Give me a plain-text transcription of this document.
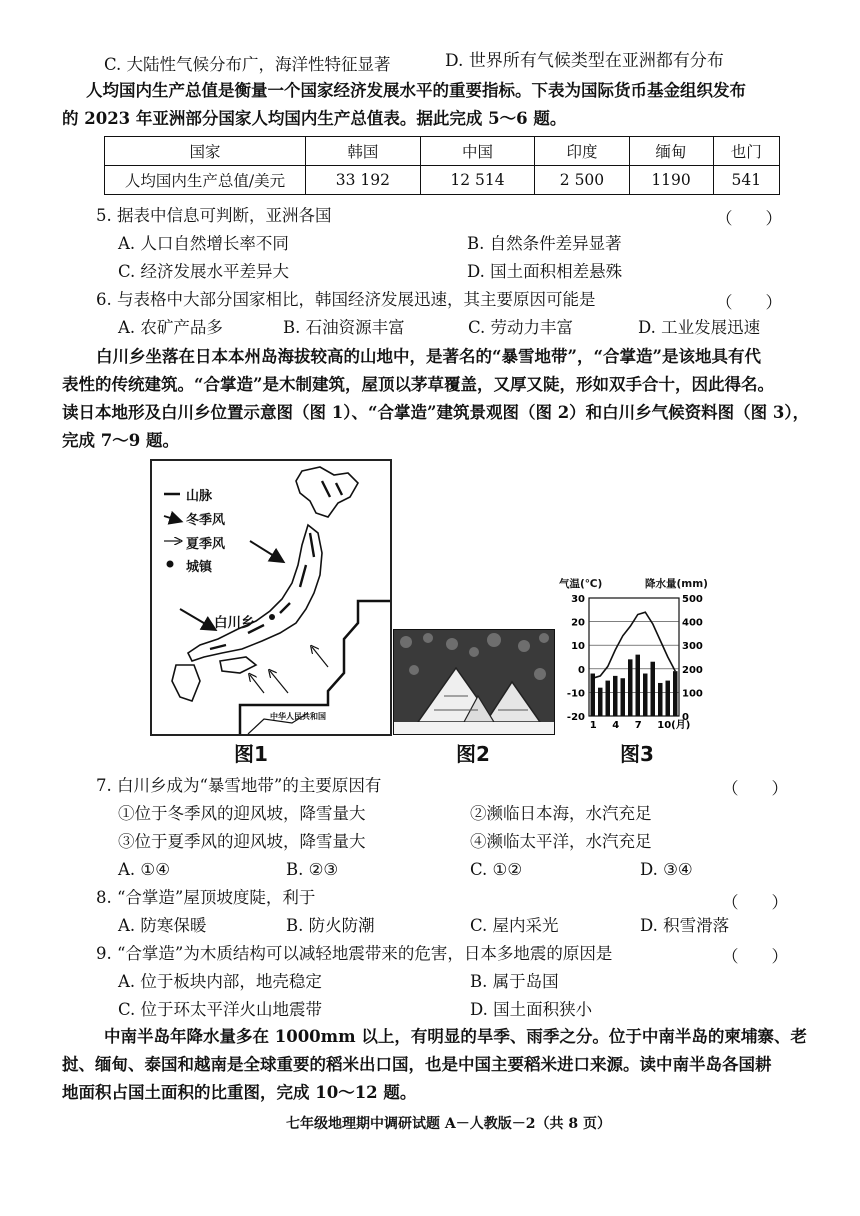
C. 大陆性气候分布广，海洋性特征显著	D. 世界所有气候类型在亚洲都有分布
人均国内生产总值是衡量一个国家经济发展水平的重要指标。下表为国际货币基金组织发布
的 2023 年亚洲部分国家人均国内生产总值表。据此完成 5～6 题。
国家	韩国	中国	印度	缅甸	也门
人均国内生产总值/美元	33 192	12 514	2 500	1190	541
5. 据表中信息可判断，亚洲各国	（　　）
A. 人口自然增长率不同	B. 自然条件差异显著
C. 经济发展水平差异大	D. 国土面积相差悬殊
6. 与表格中大部分国家相比，韩国经济发展迅速，其主要原因可能是	（　　）
A. 农矿产品多	B. 石油资源丰富	C. 劳动力丰富	D. 工业发展迅速
白川乡坐落在日本本州岛海拔较高的山地中，是著名的“暴雪地带”，“合掌造”是该地具有代
表性的传统建筑。“合掌造”是木制建筑，屋顶以茅草覆盖，又厚又陡，形如双手合十，因此得名。
读日本地形及白川乡位置示意图（图 1）、“合掌造”建筑景观图（图 2）和白川乡气候资料图（图 3），
完成 7～9 题。
山脉
冬季风
夏季风
城镇
白川乡
中华人民共和国
图1	图2
气温(℃)	降水量(mm)
30
20
10
0
-10
-20
500
400
300
200
100
0
1 4 7 10(月)
图3
7. 白川乡成为“暴雪地带”的主要原因有	（　　）
①位于冬季风的迎风坡，降雪量大	②濒临日本海，水汽充足
③位于夏季风的迎风坡，降雪量大	④濒临太平洋，水汽充足
A. ①④	B. ②③	C. ①②	D. ③④
8. “合掌造”屋顶坡度陡，利于	（　　）
A. 防寒保暖	B. 防火防潮	C. 屋内采光	D. 积雪滑落
9. “合掌造”为木质结构可以减轻地震带来的危害，日本多地震的原因是	（　　）
A. 位于板块内部，地壳稳定	B. 属于岛国
C. 位于环太平洋火山地震带	D. 国土面积狭小
中南半岛年降水量多在 1000mm 以上，有明显的旱季、雨季之分。位于中南半岛的柬埔寨、老
挝、缅甸、泰国和越南是全球重要的稻米出口国，也是中国主要稻米进口来源。读中南半岛各国耕
地面积占国土面积的比重图，完成 10～12 题。
七年级地理期中调研试题 A－人教版－2（共 8 页）
